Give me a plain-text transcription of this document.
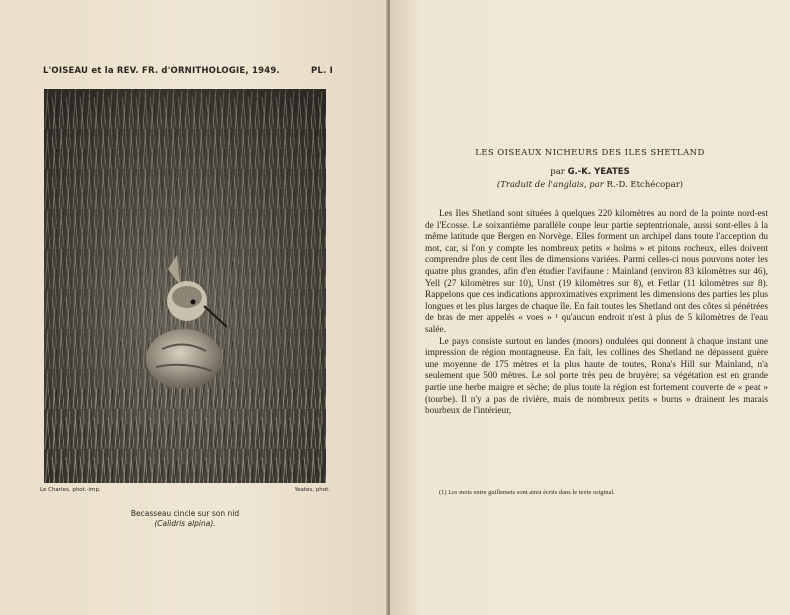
L'OISEAU et la REV. FR. d'ORNITHOLOGIE, 1949.	PL. I
Le Charles, phot.-imp.	Yeates, phot.
Becasseau cincle sur son nid
(Calidris alpina).
LES OISEAUX NICHEURS DES ILES SHETLAND
par G.-K. YEATES
(Traduit de l'anglais, par R.-D. Etchécopar)

Les Iles Shetland sont situées à quelques 220 kilomètres au nord de la pointe nord-est de l'Ecosse. Le soixantième parallèle coupe leur partie septentrionale, aussi sont-elles à la même latitude que Bergen en Norvège. Elles forment un archipel dans toute l'acception du mot, car, si l'on y compte les nombreux petits « holms » et pitons rocheux, elles doivent comprendre plus de cent îles de dimensions variées. Parmi celles-ci nous pouvons noter les quatre plus grandes, afin d'en étudier l'avifaune : Mainland (environ 83 kilomètres sur 46), Yell (27 kilomètres sur 10), Unst (19 kilomètres sur 8), et Fetlar (11 kilomètres sur 8). Rappelons que ces indications approximatives expriment les dimensions des parties les plus longues et les plus larges de chaque île. En fait toutes les Shetland ont des côtes si pénétrées de bras de mer appelés « voes » ¹ qu'aucun endroit n'est à plus de 5 kilomètres de l'eau salée.

Le pays consiste surtout en landes (moors) ondulées qui donnent à chaque instant une impression de région montagneuse. En fait, les collines des Shetland ne dépassent guère une moyenne de 175 mètres et la plus haute de toutes, Rona's Hill sur Mainland, n'a seulement que 500 mètres. Le sol porte très peu de bruyère; sa végétation est en grande partie une herbe maigre et sèche; de plus toute la région est fortement couverte de « peat » (tourbe). Il n'y a pas de rivière, mais de nombreux petits « burns » drainent les marais bourbeux de l'intérieur,

(1) Les mots entre guillemets sont ainsi écrits dans le texte original.
